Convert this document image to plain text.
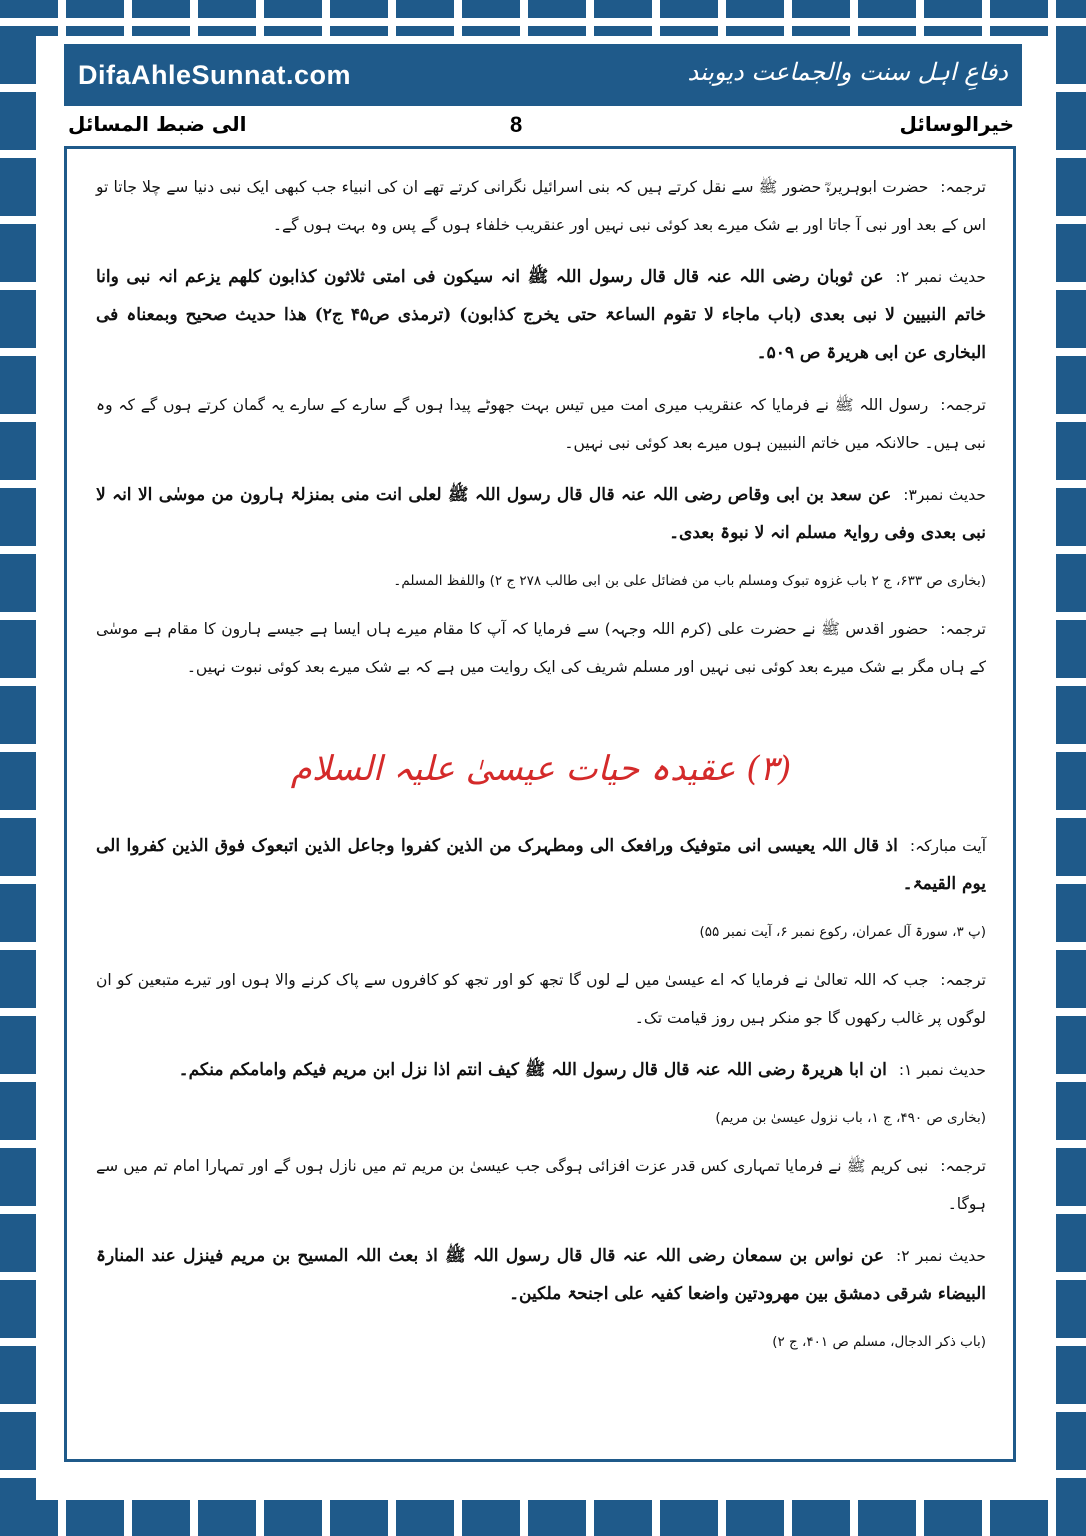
DifaAhleSunnat.com	دفاعِ اہل سنت والجماعت دیوبند
خیرالوسائل
8
الی ضبط المسائل

ترجمہ:حضرت ابوہریرہؓ حضور ﷺ سے نقل کرتے ہیں کہ بنی اسرائیل نگرانی کرتے تھے ان کی انبیاء جب کبھی ایک نبی دنیا سے چلا جاتا تو اس کے بعد اور نبی آ جاتا اور بے شک میرے بعد کوئی نبی نہیں اور عنقریب خلفاء ہوں گے پس وہ بہت ہوں گے۔

حدیث نمبر ۲:عن ثوبان رضی اللہ عنہ قال قال رسول اللہ ﷺ انہ سیکون فی امتی ثلاثون کذابون کلھم یزعم انہ نبی وانا خاتم النبیین لا نبی بعدی (باب ماجاء لا تقوم الساعۃ حتی یخرج کذابون) (ترمذی ص۴۵ ج۲) ھذا حدیث صحیح وبمعناہ فی البخاری عن ابی ھریرۃ ص ۵۰۹۔

ترجمہ:رسول اللہ ﷺ نے فرمایا کہ عنقریب میری امت میں تیس بہت جھوٹے پیدا ہوں گے سارے کے سارے یہ گمان کرتے ہوں گے کہ وہ نبی ہیں۔ حالانکہ میں خاتم النبیین ہوں میرے بعد کوئی نبی نہیں۔

حدیث نمبر۳:عن سعد بن ابی وقاص رضی اللہ عنہ قال قال رسول اللہ ﷺ لعلی انت منی بمنزلۃ ہارون من موسٰی الا انہ لا نبی بعدی وفی روایۃ مسلم انہ لا نبوۃ بعدی۔

(بخاری ص ۶۳۳، ج ۲ باب غزوہ تبوک ومسلم باب من فضائل علی بن ابی طالب ۲۷۸ ج ۲) واللفظ المسلم۔

ترجمہ:حضور اقدس ﷺ نے حضرت علی (کرم اللہ وجہہ) سے فرمایا کہ آپ کا مقام میرے ہاں ایسا ہے جیسے ہارون کا مقام ہے موسٰی کے ہاں مگر بے شک میرے بعد کوئی نبی نہیں اور مسلم شریف کی ایک روایت میں ہے کہ بے شک میرے بعد کوئی نبوت نہیں۔

(۳) عقیدہ حیات عیسیٰ علیہ السلام

آیت مبارکہ:اذ قال اللہ یعیسی انی متوفیک ورافعک الی ومطہرک من الذین کفروا وجاعل الذین اتبعوک فوق الذین کفروا الی یوم القیمۃ۔

(پ ۳، سورۃ آل عمران، رکوع نمبر ۶، آیت نمبر ۵۵)

ترجمہ:جب کہ اللہ تعالیٰ نے فرمایا کہ اے عیسیٰ میں لے لوں گا تجھ کو اور تجھ کو کافروں سے پاک کرنے والا ہوں اور تیرے متبعین کو ان لوگوں پر غالب رکھوں گا جو منکر ہیں روز قیامت تک۔

حدیث نمبر ۱:ان ابا ھریرۃ رضی اللہ عنہ قال قال رسول اللہ ﷺ کیف انتم اذا نزل ابن مریم فیکم وامامکم منکم۔

(بخاری ص ۴۹۰، ج ۱، باب نزول عیسیٰ بن مریم)

ترجمہ:نبی کریم ﷺ نے فرمایا تمہاری کس قدر عزت افزائی ہوگی جب عیسیٰ بن مریم تم میں نازل ہوں گے اور تمہارا امام تم میں سے ہوگا۔

حدیث نمبر ۲:عن نواس بن سمعان رضی اللہ عنہ قال قال رسول اللہ ﷺ اذ بعث اللہ المسیح بن مریم فینزل عند المنارۃ البیضاء شرقی دمشق بین مھرودتین واضعا کفیہ علی اجنحۃ ملکین۔

(باب ذکر الدجال، مسلم ص ۴۰۱، ج ۲)
